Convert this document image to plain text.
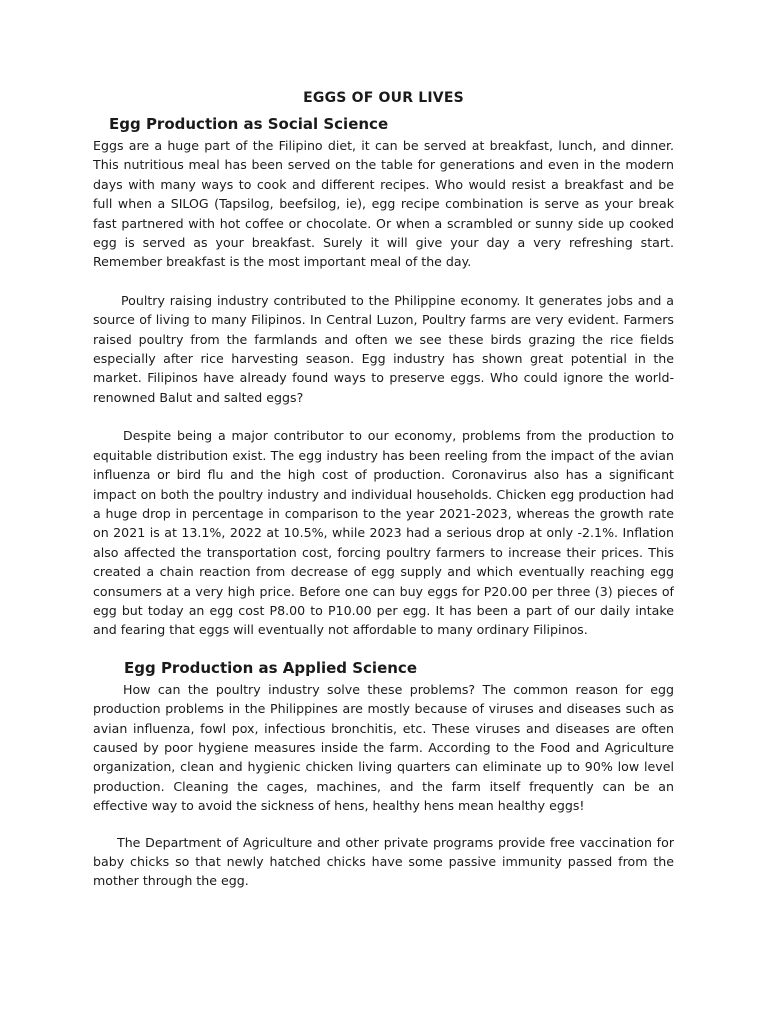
EGGS OF OUR LIVES
Egg Production as Social Science

Eggs are a huge part of the Filipino diet, it can be served at breakfast, lunch, and dinner. This nutritious meal has been served on the table for generations and even in the modern days with many ways to cook and different recipes. Who would resist a breakfast and be full when a SILOG (Tapsilog, beefsilog, ie), egg recipe combination is serve as your break fast partnered with hot coffee or chocolate. Or when a scrambled or sunny side up cooked egg is served as your breakfast. Surely it will give your day a very refreshing start. Remember breakfast is the most important meal of the day.

Poultry raising industry contributed to the Philippine economy. It generates jobs and a source of living to many Filipinos. In Central Luzon, Poultry farms are very evident. Farmers raised poultry from the farmlands and often we see these birds grazing the rice fields especially after rice harvesting season. Egg industry has shown great potential in the market. Filipinos have already found ways to preserve eggs. Who could ignore the world-renowned Balut and salted eggs?

Despite being a major contributor to our economy, problems from the production to equitable distribution exist. The egg industry has been reeling from the impact of the avian influenza or bird flu and the high cost of production. Coronavirus also has a significant impact on both the poultry industry and individual households. Chicken egg production had a huge drop in percentage in comparison to the year 2021-2023, whereas the growth rate on 2021 is at 13.1%, 2022 at 10.5%, while 2023 had a serious drop at only -2.1%. Inflation also affected the transportation cost, forcing poultry farmers to increase their prices. This created a chain reaction from decrease of egg supply and which eventually reaching egg consumers at a very high price. Before one can buy eggs for P20.00 per three (3) pieces of egg but today an egg cost P8.00 to P10.00 per egg. It has been a part of our daily intake and fearing that eggs will eventually not affordable to many ordinary Filipinos.

Egg Production as Applied Science

How can the poultry industry solve these problems? The common reason for egg production problems in the Philippines are mostly because of viruses and diseases such as avian influenza, fowl pox, infectious bronchitis, etc. These viruses and diseases are often caused by poor hygiene measures inside the farm. According to the Food and Agriculture organization, clean and hygienic chicken living quarters can eliminate up to 90% low level production. Cleaning the cages, machines, and the farm itself frequently can be an effective way to avoid the sickness of hens, healthy hens mean healthy eggs!

The Department of Agriculture and other private programs provide free vaccination for baby chicks so that newly hatched chicks have some passive immunity passed from the mother through the egg.
